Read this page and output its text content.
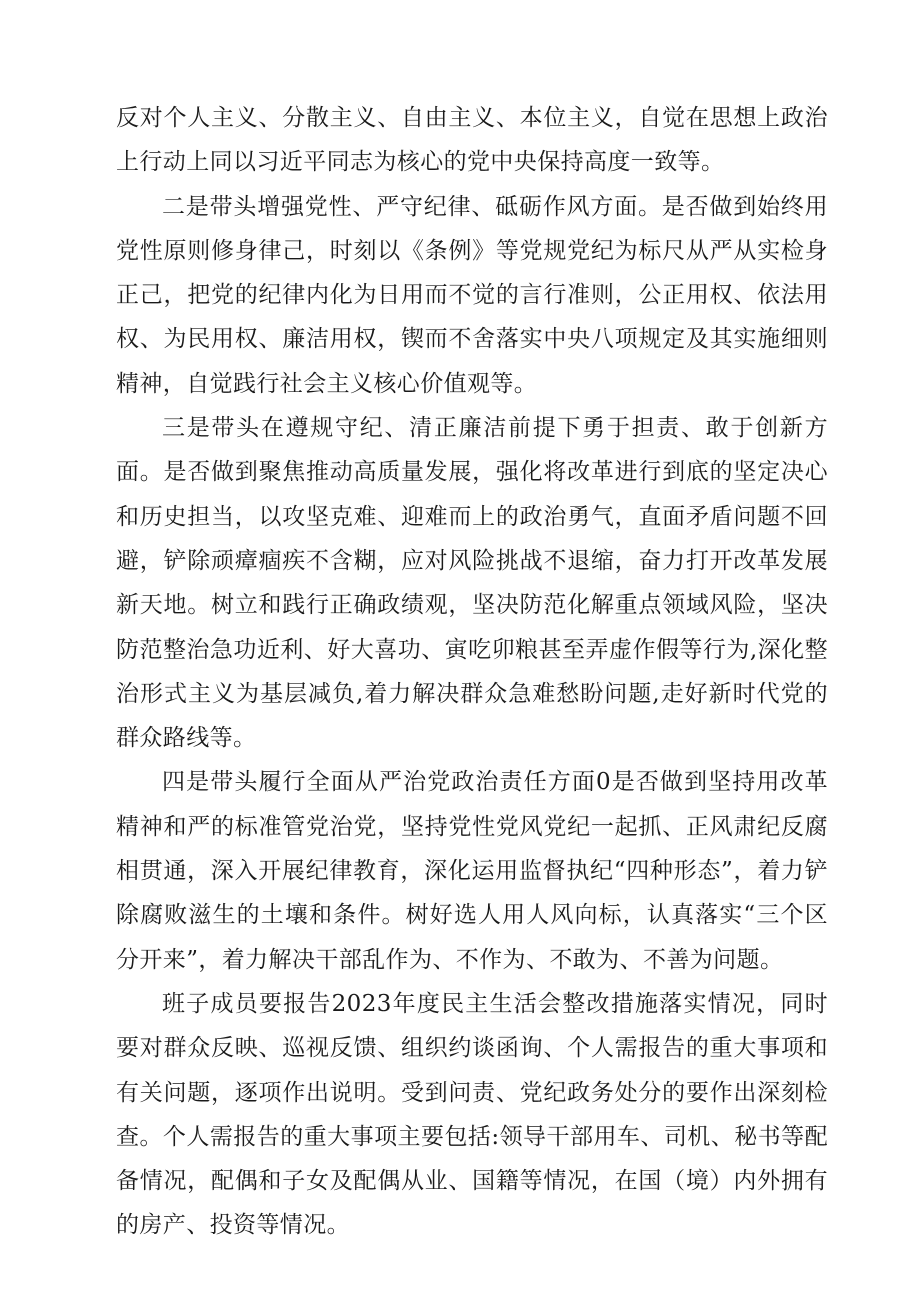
反对个人主义、分散主义、自由主义、本位主义，自觉在思想上政治上行动上同以习近平同志为核心的党中央保持高度一致等。

二是带头增强党性、严守纪律、砥砺作风方面。是否做到始终用党性原则修身律己，时刻以《条例》等党规党纪为标尺从严从实检身正己，把党的纪律内化为日用而不觉的言行准则，公正用权、依法用权、为民用权、廉洁用权，锲而不舍落实中央八项规定及其实施细则精神，自觉践行社会主义核心价值观等。

三是带头在遵规守纪、清正廉洁前提下勇于担责、敢于创新方面。是否做到聚焦推动高质量发展，强化将改革进行到底的坚定决心和历史担当，以攻坚克难、迎难而上的政治勇气，直面矛盾问题不回避，铲除顽瘴痼疾不含糊，应对风险挑战不退缩，奋力打开改革发展新天地。树立和践行正确政绩观，坚决防范化解重点领域风险，坚决防范整治急功近利、好大喜功、寅吃卯粮甚至弄虚作假等行为,深化整治形式主义为基层减负,着力解决群众急难愁盼问题,走好新时代党的群众路线等。

四是带头履行全面从严治党政治责任方面0是否做到坚持用改革精神和严的标准管党治党，坚持党性党风党纪一起抓、正风肃纪反腐相贯通，深入开展纪律教育，深化运用监督执纪“四种形态”，着力铲除腐败滋生的土壤和条件。树好选人用人风向标，认真落实“三个区分开来”，着力解决干部乱作为、不作为、不敢为、不善为问题。

班子成员要报告2023年度民主生活会整改措施落实情况，同时要对群众反映、巡视反馈、组织约谈函询、个人需报告的重大事项和有关问题，逐项作出说明。受到问责、党纪政务处分的要作出深刻检查。个人需报告的重大事项主要包括:领导干部用车、司机、秘书等配备情况，配偶和子女及配偶从业、国籍等情况，在国（境）内外拥有的房产、投资等情况。
